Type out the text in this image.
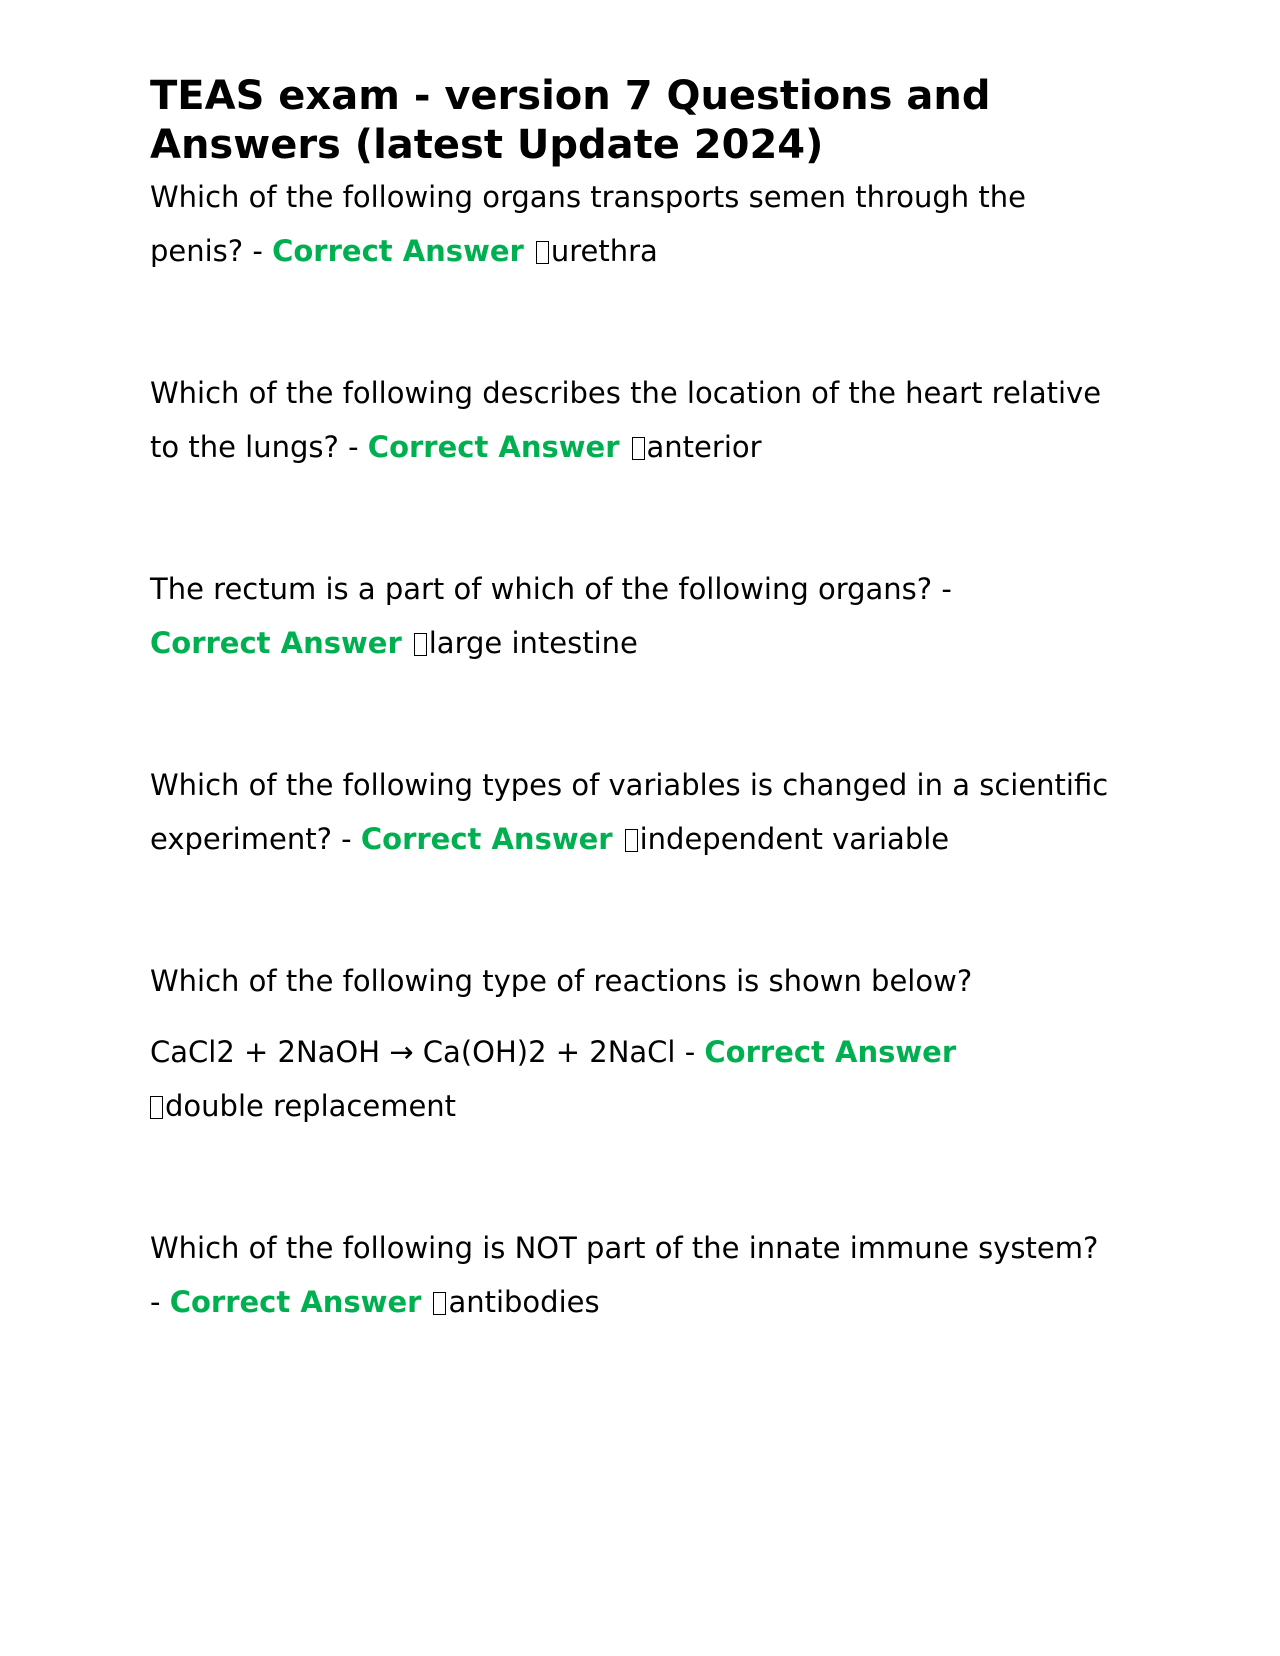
TEAS exam - version 7 Questions and Answers (latest Update 2024)

Which of the following organs transports semen through the penis? - Correct Answer urethra

Which of the following describes the location of the heart relative to the lungs? - Correct Answer anterior

The rectum is a part of which of the following organs? -
Correct Answer large intestine

Which of the following types of variables is changed in a scientific experiment? - Correct Answer independent variable

Which of the following type of reactions is shown below?
CaCl2 + 2NaOH → Ca(OH)2 + 2NaCl - Correct Answer
double replacement

Which of the following is NOT part of the innate immune system? - Correct Answer antibodies
